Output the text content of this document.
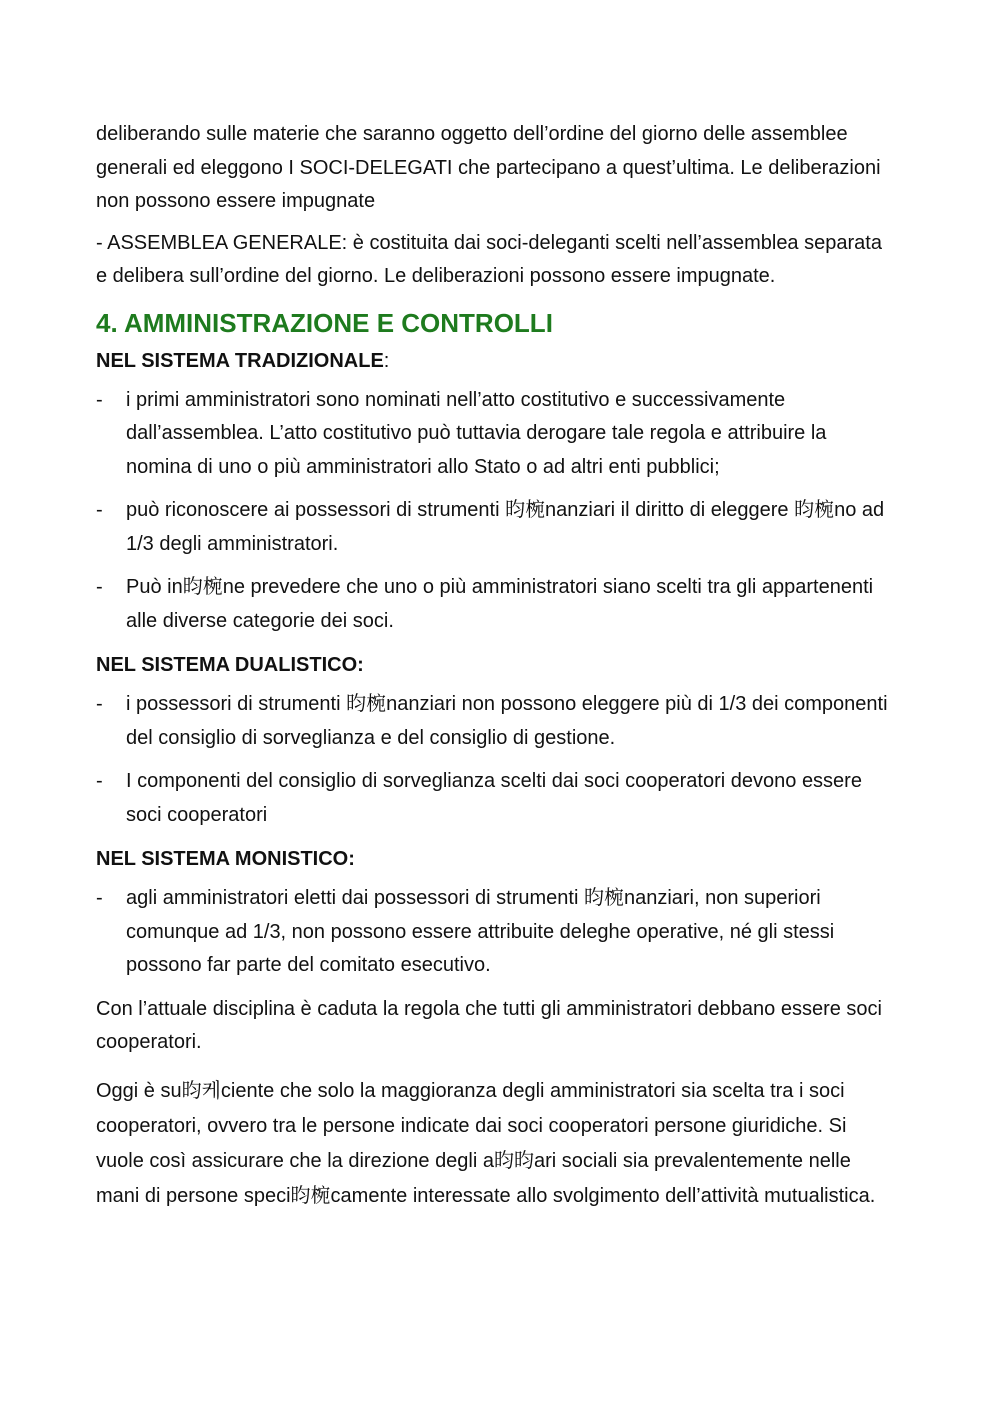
deliberando sulle materie che saranno oggetto dell’ordine del giorno delle assemblee generali ed eleggono I SOCI-DELEGATI che partecipano a quest’ultima. Le deliberazioni non possono essere impugnate

- ASSEMBLEA GENERALE: è costituita dai soci-deleganti scelti nell’assemblea separata e delibera sull’ordine del giorno. Le deliberazioni possono essere impugnate.

4. AMMINISTRAZIONE E CONTROLLI

NEL SISTEMA TRADIZIONALE:

-	i primi amministratori sono nominati nell’atto costitutivo e successivamente dall’assemblea. L’atto costitutivo può tuttavia derogare tale regola e attribuire la nomina di uno o più amministratori allo Stato o ad altri enti pubblici;
-	può riconoscere ai possessori di strumenti 昀椀nanziari il diritto di eleggere 昀椀no ad 1/3 degli amministratori.
-	Può in昀椀ne prevedere che uno o più amministratori siano scelti tra gli appartenenti alle diverse categorie dei soci.

NEL SISTEMA DUALISTICO:

-	i possessori di strumenti 昀椀nanziari non possono eleggere più di 1/3 dei componenti del consiglio di sorveglianza e del consiglio di gestione.
-	I componenti del consiglio di sorveglianza scelti dai soci cooperatori devono essere soci cooperatori

NEL SISTEMA MONISTICO:

-	agli amministratori eletti dai possessori di strumenti 昀椀nanziari, non superiori comunque ad 1/3, non possono essere attribuite deleghe operative, né gli stessi possono far parte del comitato esecutivo.

Con l’attuale disciplina è caduta la regola che tutti gli amministratori debbano essere soci cooperatori.

Oggi è su昀케ciente che solo la maggioranza degli amministratori sia scelta tra i soci cooperatori, ovvero tra le persone indicate dai soci cooperatori persone giuridiche. Si vuole così assicurare che la direzione degli a昀昀ari sociali sia prevalentemente nelle mani di persone speci昀椀camente interessate allo svolgimento dell’attività mutualistica.
